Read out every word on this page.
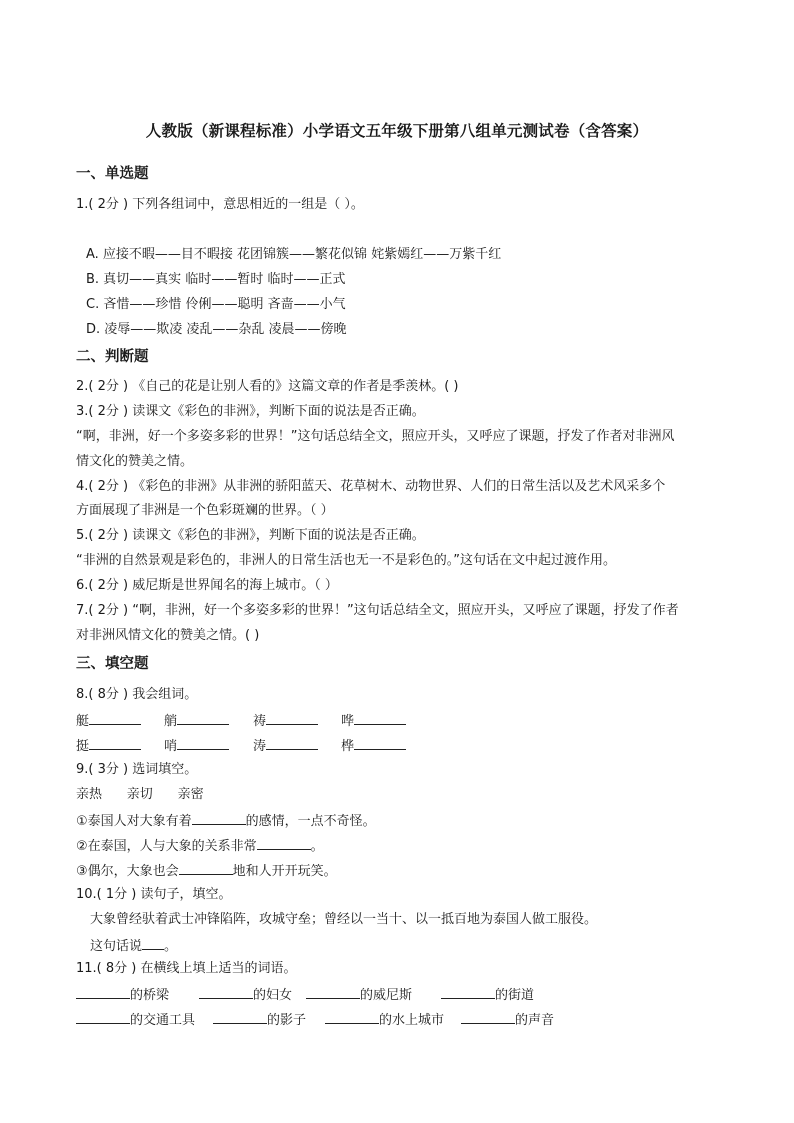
人教版（新课程标准）小学语文五年级下册第八组单元测试卷（含答案）
一、单选题
1.( 2分 ) 下列各组词中，意思相近的一组是（ ）。
A. 应接不暇——目不暇接 花团锦簇——繁花似锦 姹紫嫣红——万紫千红
B. 真切——真实 临时——暂时 临时——正式
C. 吝惜——珍惜 伶俐——聪明 吝啬——小气
D. 凌辱——欺凌 凌乱——杂乱 凌晨——傍晚
二、判断题
2.( 2分 ) 《自己的花是让别人看的》这篇文章的作者是季羡林。( )
3.( 2分 ) 读课文《彩色的非洲》，判断下面的说法是否正确。
“啊，非洲，好一个多姿多彩的世界！”这句话总结全文，照应开头，又呼应了课题，抒发了作者对非洲风
情文化的赞美之情。
4.( 2分 ) 《彩色的非洲》从非洲的骄阳蓝天、花草树木、动物世界、人们的日常生活以及艺术风采多个
方面展现了非洲是一个色彩斑斓的世界。（ ）
5.( 2分 ) 读课文《彩色的非洲》，判断下面的说法是否正确。
“非洲的自然景观是彩色的，非洲人的日常生活也无一不是彩色的。”这句话在文中起过渡作用。
6.( 2分 ) 威尼斯是世界闻名的海上城市。（ ）
7.( 2分 ) “啊，非洲，好一个多姿多彩的世界！”这句话总结全文，照应开头，又呼应了课题，抒发了作者
对非洲风情文化的赞美之情。( )
三、填空题
8.( 8分 ) 我会组词。
艇	艄	祷	哗
挺	哨	涛	桦
9.( 3分 ) 选词填空。
亲热      亲切      亲密
①泰国人对大象有着	的感情，一点不奇怪。
②在泰国，人与大象的关系非常	。
③偶尔，大象也会	地和人开开玩笑。
10.( 1分 ) 读句子，填空。
大象曾经驮着武士冲锋陷阵，攻城守垒；曾经以一当十、以一抵百地为泰国人做工服役。
这句话说 。
11.( 8分 ) 在横线上填上适当的词语。
的桥梁	的妇女	的威尼斯	的街道
的交通工具	的影子	的水上城市	的声音
